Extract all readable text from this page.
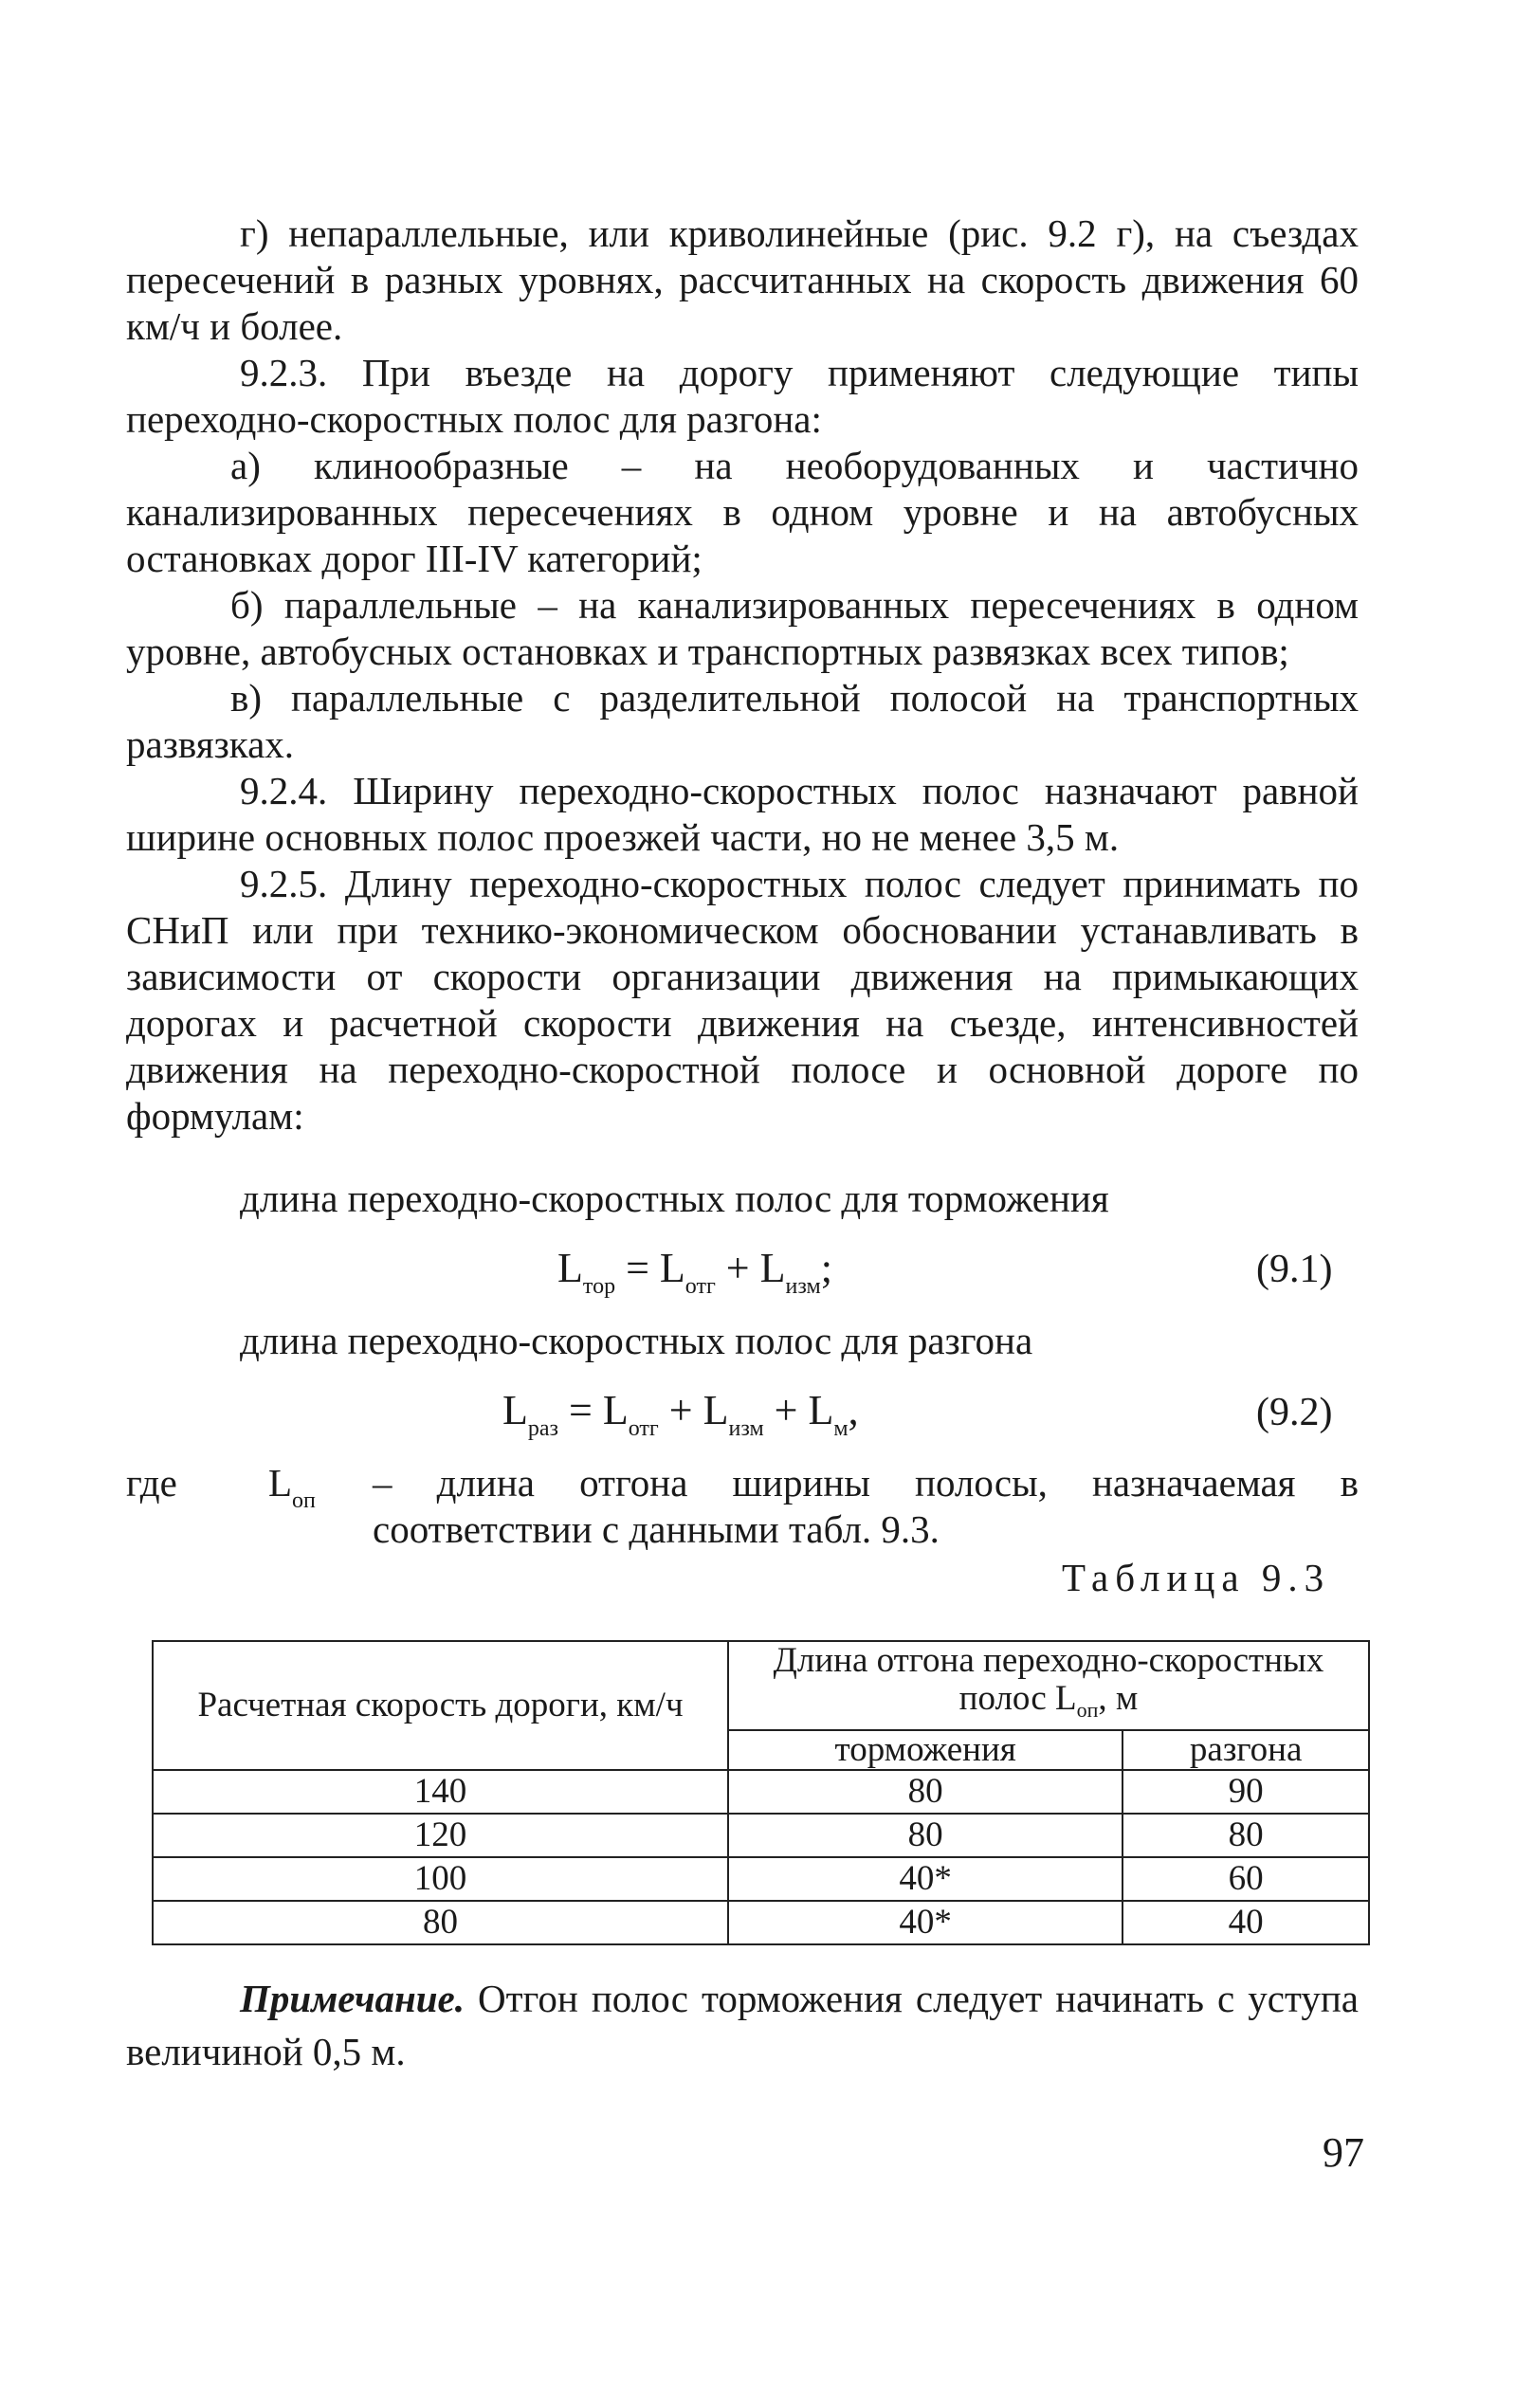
г) непараллельные, или криволинейные (рис. 9.2 г), на съездах пересечений в разных уровнях, рассчитанных на скорость движения 60 км/ч и более.

9.2.3. При въезде на дорогу применяют следующие типы переходно-скоростных полос для разгона:

а) клинообразные – на необорудованных и частично канализированных пересечениях в одном уровне и на автобусных остановках дорог III-IV категорий;

б) параллельные – на канализированных пересечениях в одном уровне, автобусных остановках и транспортных развязках всех типов;

в) параллельные с разделительной полосой на транспортных развязках.

9.2.4. Ширину переходно-скоростных полос назначают равной ширине основных полос проезжей части, но не менее 3,5 м.

9.2.5. Длину переходно-скоростных полос следует принимать по СНиП или при технико-экономическом обосновании устанавливать в зависимости от скорости организации движения на примыкающих дорогах и расчетной скорости движения на съезде, интенсивностей движения на переходно-скоростной полосе и основной дороге по формулам:

длина переходно-скоростных полос для торможения
$L_{тор} = L_{отг} + L_{изм}$;	(9.1)
длина переходно-скоростных полос для разгона
$L_{раз} = L_{отг} + L_{изм} + L_м$,	(9.2)
где $L_{оп}$ – длина отгона ширины полосы, назначаемая в соответствии с данными табл. 9.3.
Таблица 9.3
Расчетная скорость дороги, км/ч	Длина отгона переходно-скоростных
полос $L_{оп}$, м	
	торможения	разгона
140	80	90
120	80	80
100	40*	60
80	40*	40
Примечание. Отгон полос торможения следует начинать с уступа величиной 0,5 м.
97
